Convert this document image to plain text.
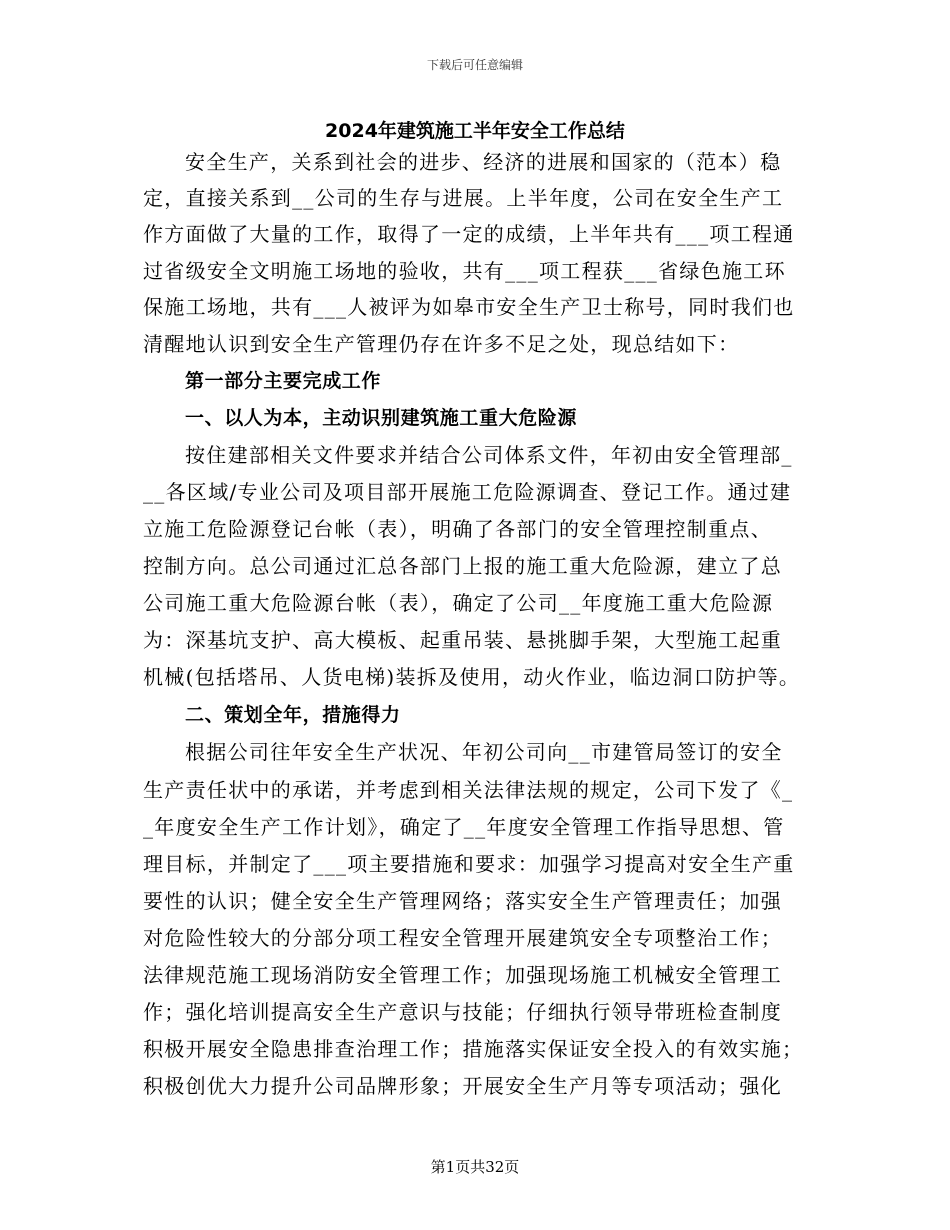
下载后可任意编辑
2024年建筑施工半年安全工作总结
安全生产，关系到社会的进步、经济的进展和国家的（范本）稳
定，直接关系到__公司的生存与进展。上半年度，公司在安全生产工
作方面做了大量的工作，取得了一定的成绩，上半年共有___项工程通
过省级安全文明施工场地的验收，共有___项工程获___省绿色施工环
保施工场地，共有___人被评为如皋市安全生产卫士称号，同时我们也
清醒地认识到安全生产管理仍存在许多不足之处，现总结如下：
第一部分主要完成工作
一、以人为本，主动识别建筑施工重大危险源
按住建部相关文件要求并结合公司体系文件，年初由安全管理部_
__各区域/专业公司及项目部开展施工危险源调查、登记工作。通过建
立施工危险源登记台帐（表），明确了各部门的安全管理控制重点、
控制方向。总公司通过汇总各部门上报的施工重大危险源，建立了总
公司施工重大危险源台帐（表），确定了公司__年度施工重大危险源
为：深基坑支护、高大模板、起重吊装、悬挑脚手架，大型施工起重
机械(包括塔吊、人货电梯)装拆及使用，动火作业，临边洞口防护等。
二、策划全年，措施得力
根据公司往年安全生产状况、年初公司向__市建管局签订的安全
生产责任状中的承诺，并考虑到相关法律法规的规定，公司下发了《_
_年度安全生产工作计划》，确定了__年度安全管理工作指导思想、管
理目标，并制定了___项主要措施和要求：加强学习提高对安全生产重
要性的认识；健全安全生产管理网络；落实安全生产管理责任；加强
对危险性较大的分部分项工程安全管理开展建筑安全专项整治工作；
法律规范施工现场消防安全管理工作；加强现场施工机械安全管理工
作；强化培训提高安全生产意识与技能；仔细执行领导带班检查制度
积极开展安全隐患排查治理工作；措施落实保证安全投入的有效实施；
积极创优大力提升公司品牌形象；开展安全生产月等专项活动；强化
第1页共32页
